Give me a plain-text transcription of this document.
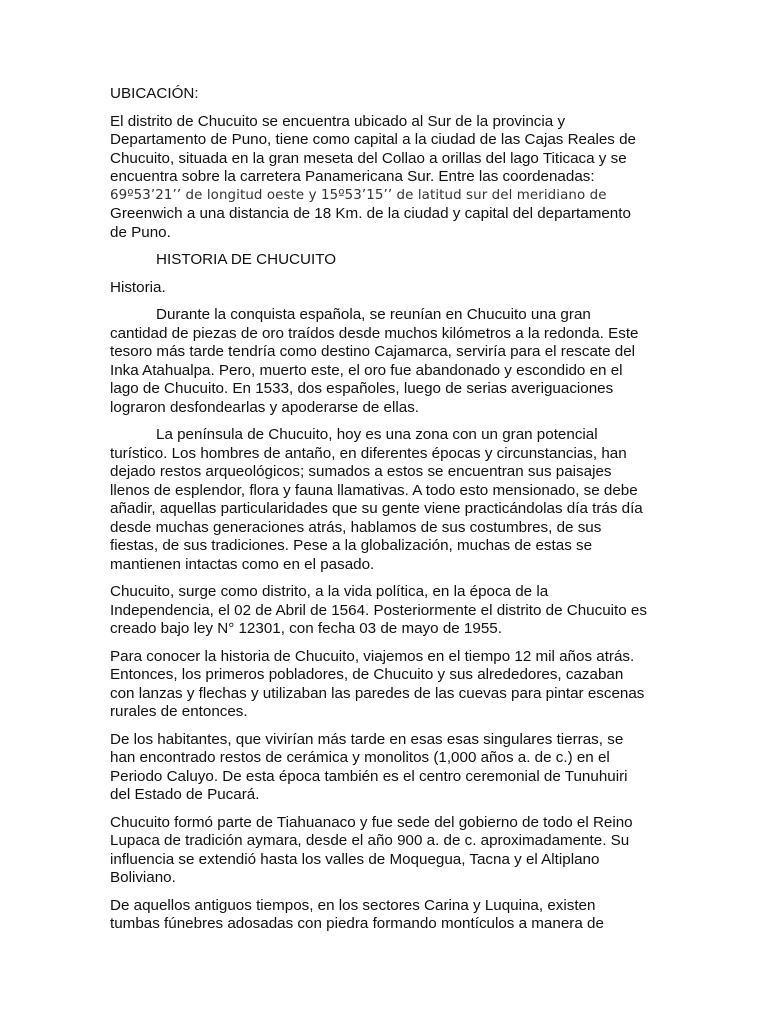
UBICACIÓN:

El distrito de Chucuito se encuentra ubicado al Sur de la provincia y
Departamento de Puno, tiene como capital a la ciudad de las Cajas Reales de
Chucuito, situada en la gran meseta del Collao a orillas del lago Titicaca y se
encuentra sobre la carretera Panamericana Sur. Entre las coordenadas:
69º53’21’’ de longitud oeste y 15º53’15’’ de latitud sur del meridiano de
Greenwich a una distancia de 18 Km. de la ciudad y capital del departamento
de Puno.

HISTORIA DE CHUCUITO

Historia.

Durante la conquista española, se reunían en Chucuito una gran
cantidad de piezas de oro traídos desde muchos kilómetros a la redonda. Este
tesoro más tarde tendría como destino Cajamarca, serviría para el rescate del
Inka Atahualpa. Pero, muerto este, el oro fue abandonado y escondido en el
lago de Chucuito. En 1533, dos españoles, luego de serias averiguaciones
lograron desfondearlas y apoderarse de ellas.

La península de Chucuito, hoy es una zona con un gran potencial
turístico. Los hombres de antaño, en diferentes épocas y circunstancias, han
dejado restos arqueológicos; sumados a estos se encuentran sus paisajes
llenos de esplendor, flora y fauna llamativas. A todo esto mensionado, se debe
añadir, aquellas particularidades que su gente viene practicándolas día trás día
desde muchas generaciones atrás, hablamos de sus costumbres, de sus
fiestas, de sus tradiciones. Pese a la globalización, muchas de estas se
mantienen intactas como en el pasado.

Chucuito, surge como distrito, a la vida política, en la época de la
Independencia, el 02 de Abril de 1564. Posteriormente el distrito de Chucuito es
creado bajo ley N° 12301, con fecha 03 de mayo de 1955.

Para conocer la historia de Chucuito, viajemos en el tiempo 12 mil años atrás.
Entonces, los primeros pobladores, de Chucuito y sus alrededores, cazaban
con lanzas y flechas y utilizaban las paredes de las cuevas para pintar escenas
rurales de entonces.

De los habitantes, que vivirían más tarde en esas esas singulares tierras, se
han encontrado restos de cerámica y monolitos (1,000 años a. de c.) en el
Periodo Caluyo. De esta época también es el centro ceremonial de Tunuhuiri
del Estado de Pucará.

Chucuito formó parte de Tiahuanaco y fue sede del gobierno de todo el Reino
Lupaca de tradición aymara, desde el año 900 a. de c. aproximadamente. Su
influencia se extendió hasta los valles de Moquegua, Tacna y el Altiplano
Boliviano.

De aquellos antiguos tiempos, en los sectores Carina y Luquina, existen
tumbas fúnebres adosadas con piedra formando montículos a manera de
